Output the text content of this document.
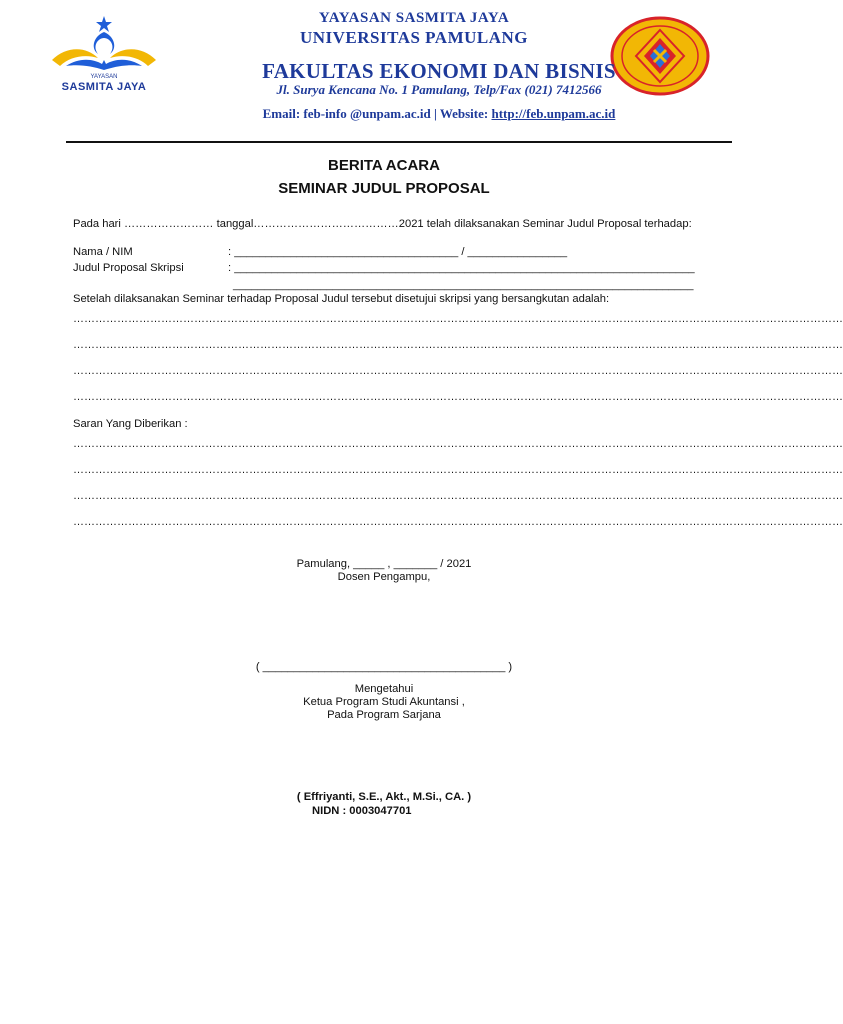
YAYASAN
SASMITA JAYA
YAYASAN SASMITA JAYA
UNIVERSITAS PAMULANG
FAKULTAS EKONOMI DAN BISNIS
Jl. Surya Kencana No. 1 Pamulang, Telp/Fax (021) 7412566
Email: feb-info @unpam.ac.id | Website: http://feb.unpam.ac.id
BERITA ACARA
SEMINAR JUDUL PROPOSAL
Pada hari …………………… tanggal…………………………………2021 telah dilaksanakan Seminar Judul Proposal terhadap:
Nama / NIM	: ____________________________________ / ________________
Judul Proposal Skripsi	: __________________________________________________________________________
__________________________________________________________________________
Setelah dilaksanakan Seminar terhadap Proposal Judul tersebut disetujui skripsi yang bersangkutan adalah:
…………………………………………………………………………………………………………………………………………………………………………………………
…………………………………………………………………………………………………………………………………………………………………………………………
…………………………………………………………………………………………………………………………………………………………………………………………
…………………………………………………………………………………………………………………………………………………………………………………………
Saran Yang Diberikan :
…………………………………………………………………………………………………………………………………………………………………………………………
…………………………………………………………………………………………………………………………………………………………………………………………
…………………………………………………………………………………………………………………………………………………………………………………………
…………………………………………………………………………………………………………………………………………………………………………………………
Pamulang, _____ , _______ / 2021
Dosen Pengampu,
( _______________________________________ )
Mengetahui
Ketua Program Studi Akuntansi ,
Pada Program Sarjana
( Effriyanti, S.E., Akt., M.Si., CA. )
NIDN : 0003047701
